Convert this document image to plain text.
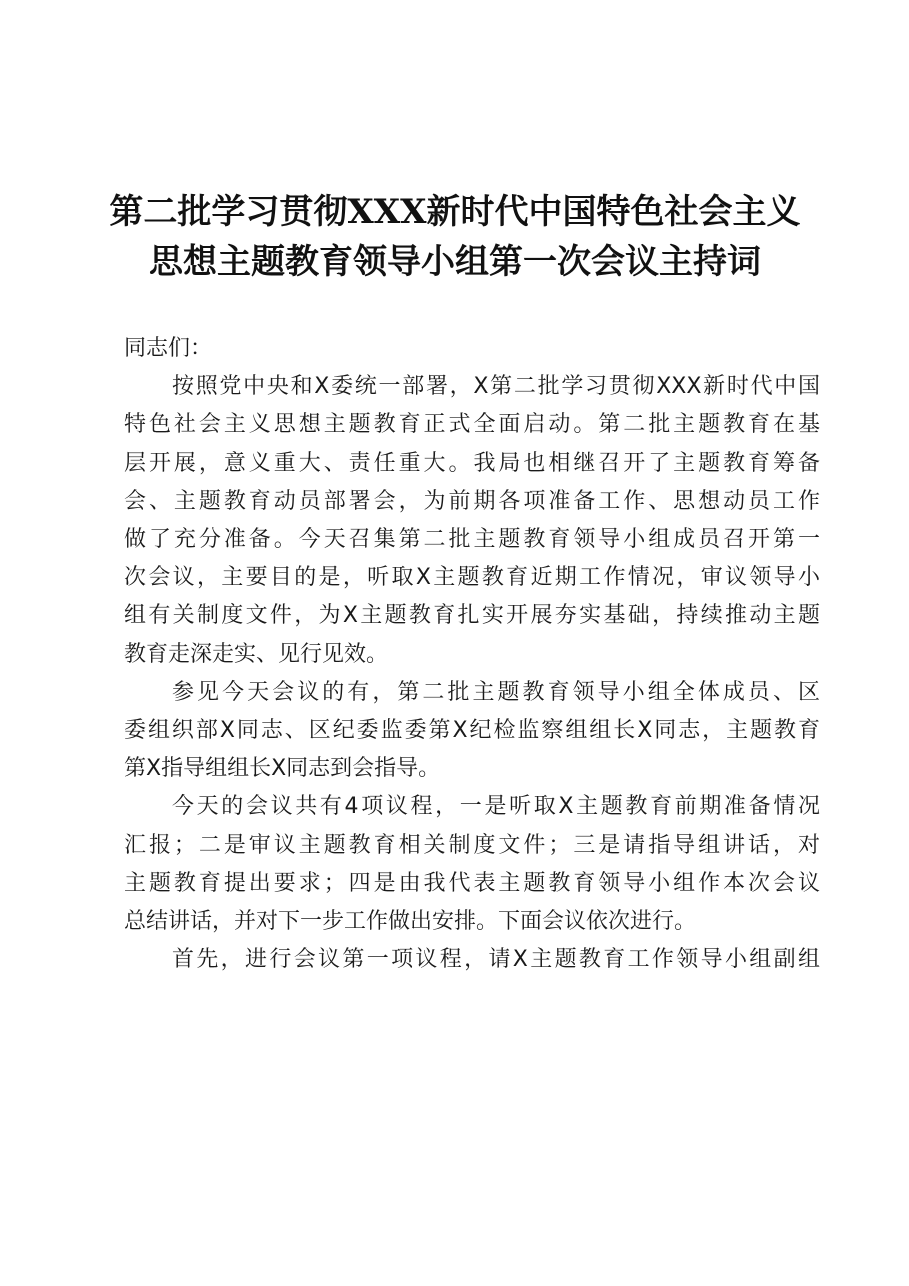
第二批学习贯彻XXX新时代中国特色社会主义
思想主题教育领导小组第一次会议主持词

同志们：

按照党中央和X委统一部署，X第二批学习贯彻XXX新时代中国
特色社会主义思想主题教育正式全面启动。第二批主题教育在基
层开展，意义重大、责任重大。我局也相继召开了主题教育筹备
会、主题教育动员部署会，为前期各项准备工作、思想动员工作
做了充分准备。今天召集第二批主题教育领导小组成员召开第一
次会议，主要目的是，听取X主题教育近期工作情况，审议领导小
组有关制度文件，为X主题教育扎实开展夯实基础，持续推动主题
教育走深走实、见行见效。

参见今天会议的有，第二批主题教育领导小组全体成员、区
委组织部X同志、区纪委监委第X纪检监察组组长X同志，主题教育
第X指导组组长X同志到会指导。

今天的会议共有4项议程，一是听取X主题教育前期准备情况
汇报；二是审议主题教育相关制度文件；三是请指导组讲话，对
主题教育提出要求；四是由我代表主题教育领导小组作本次会议
总结讲话，并对下一步工作做出安排。下面会议依次进行。

首先，进行会议第一项议程，请X主题教育工作领导小组副组
